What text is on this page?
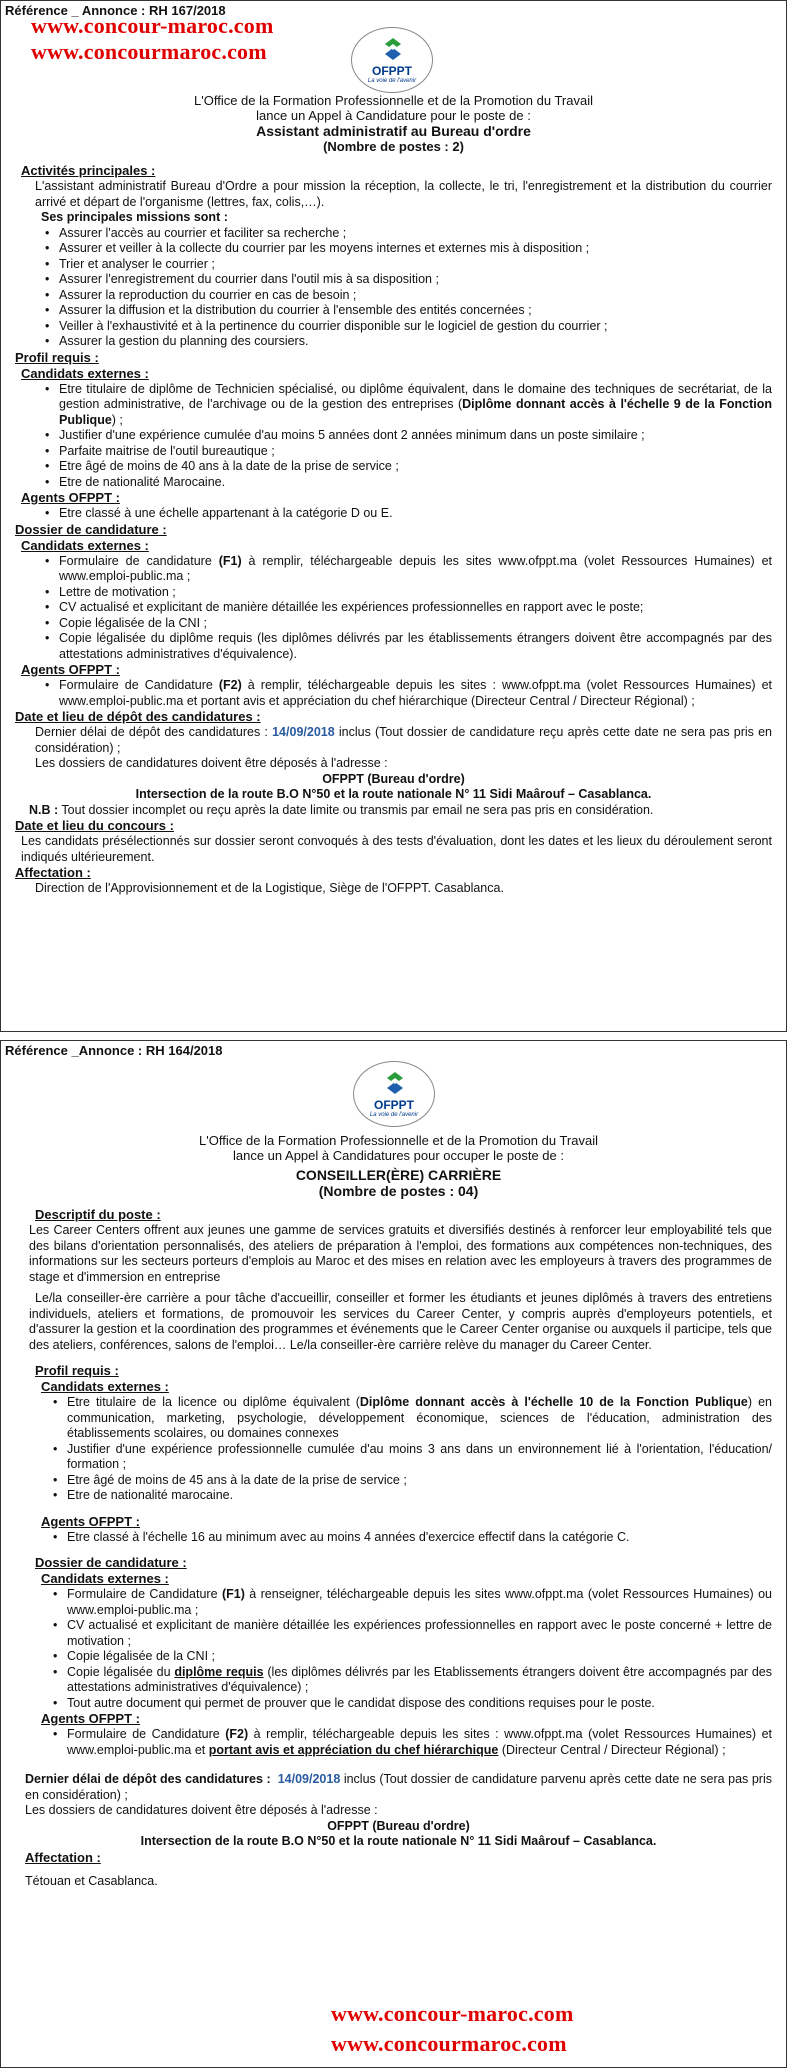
Référence _ Annonce : RH 167/2018
www.concour-maroc.com
www.concourmaroc.com
OFPPT
La voie de l'avenir
L'Office de la Formation Professionnelle et de la Promotion du Travail
lance un Appel à Candidature pour le poste de :
Assistant administratif au Bureau d'ordre
(Nombre de postes : 2)
Activités principales :
L'assistant administratif Bureau d'Ordre a pour mission la réception, la collecte, le tri, l'enregistrement et la distribution du courrier arrivé et départ de l'organisme (lettres, fax, colis,…).
Ses principales missions sont :
• Assurer l'accès au courrier et faciliter sa recherche ;
• Assurer et veiller à la collecte du courrier par les moyens internes et externes mis à disposition ;
• Trier et analyser le courrier ;
• Assurer l'enregistrement du courrier dans l'outil mis à sa disposition ;
• Assurer la reproduction du courrier en cas de besoin ;
• Assurer la diffusion et la distribution du courrier à l'ensemble des entités concernées ;
• Veiller à l'exhaustivité et à la pertinence du courrier disponible sur le logiciel de gestion du courrier ;
• Assurer la gestion du planning des coursiers.
Profil requis :
Candidats externes :
• Etre titulaire de diplôme de Technicien spécialisé, ou diplôme équivalent, dans le domaine des techniques de secrétariat, de la gestion administrative, de l'archivage ou de la gestion des entreprises (Diplôme donnant accès à l'échelle 9 de la Fonction Publique) ;
• Justifier d'une expérience cumulée d'au moins 5 années dont 2 années minimum dans un poste similaire ;
• Parfaite maitrise de l'outil bureautique ;
• Etre âgé de moins de 40 ans à la date de la prise de service ;
• Etre de nationalité Marocaine.
Agents OFPPT :
• Etre classé à une échelle appartenant à la catégorie D ou E.
Dossier de candidature :
Candidats externes :
• Formulaire de candidature (F1) à remplir, téléchargeable depuis les sites www.ofppt.ma (volet Ressources Humaines) et www.emploi-public.ma ;
• Lettre de motivation ;
• CV actualisé et explicitant de manière détaillée les expériences professionnelles en rapport avec le poste;
• Copie légalisée de la CNI ;
• Copie légalisée du diplôme requis (les diplômes délivrés par les établissements étrangers doivent être accompagnés par des attestations administratives d'équivalence).
Agents OFPPT :
• Formulaire de Candidature (F2) à remplir, téléchargeable depuis les sites : www.ofppt.ma (volet Ressources Humaines) et www.emploi-public.ma et portant avis et appréciation du chef hiérarchique (Directeur Central / Directeur Régional) ;
Date et lieu de dépôt des candidatures :
Dernier délai de dépôt des candidatures : 14/09/2018 inclus (Tout dossier de candidature reçu après cette date ne sera pas pris en considération) ;
Les dossiers de candidatures doivent être déposés à l'adresse :
OFPPT (Bureau d'ordre)
Intersection de la route B.O N°50 et la route nationale N° 11 Sidi Maârouf – Casablanca.
N.B : Tout dossier incomplet ou reçu après la date limite ou transmis par email ne sera pas pris en considération.
Date et lieu du concours :
Les candidats présélectionnés sur dossier seront convoqués à des tests d'évaluation, dont les dates et les lieux du déroulement seront indiqués ultérieurement.
Affectation :
Direction de l'Approvisionnement et de la Logistique, Siège de l'OFPPT. Casablanca.
Référence _Annonce : RH 164/2018
OFPPT
La voie de l'avenir
L'Office de la Formation Professionnelle et de la Promotion du Travail
lance un Appel à Candidatures pour occuper le poste de :
CONSEILLER(ÈRE) CARRIÈRE
(Nombre de postes : 04)
Descriptif du poste :
Les Career Centers offrent aux jeunes une gamme de services gratuits et diversifiés destinés à renforcer leur employabilité tels que des bilans d'orientation personnalisés, des ateliers de préparation à l'emploi, des formations aux compétences non-techniques, des informations sur les secteurs porteurs d'emplois au Maroc et des mises en relation avec les employeurs à travers des programmes de stage et d'immersion en entreprise
Le/la conseiller-ère carrière a pour tâche d'accueillir, conseiller et former les étudiants et jeunes diplômés à travers des entretiens individuels, ateliers et formations, de promouvoir les services du Career Center, y compris auprès d'employeurs potentiels, et d'assurer la gestion et la coordination des programmes et événements que le Career Center organise ou auxquels il participe, tels que des ateliers, conférences, salons de l'emploi… Le/la conseiller-ère carrière relève du manager du Career Center.
Profil requis :
Candidats externes :
• Etre titulaire de la licence ou diplôme équivalent (Diplôme donnant accès à l'échelle 10 de la Fonction Publique) en communication, marketing, psychologie, développement économique, sciences de l'éducation, administration des établissements scolaires, ou domaines connexes
• Justifier d'une expérience professionnelle cumulée d'au moins 3 ans dans un environnement lié à l'orientation, l'éducation/ formation ;
• Etre âgé de moins de 45 ans à la date de la prise de service ;
• Etre de nationalité marocaine.
Agents OFPPT :
• Etre classé à l'échelle 16 au minimum avec au moins 4 années d'exercice effectif dans la catégorie C.
Dossier de candidature :
Candidats externes :
• Formulaire de Candidature (F1) à renseigner, téléchargeable depuis les sites www.ofppt.ma (volet Ressources Humaines) ou www.emploi-public.ma ;
• CV actualisé et explicitant de manière détaillée les expériences professionnelles en rapport avec le poste concerné + lettre de motivation ;
• Copie légalisée de la CNI ;
• Copie légalisée du diplôme requis (les diplômes délivrés par les Etablissements étrangers doivent être accompagnés par des attestations administratives d'équivalence) ;
• Tout autre document qui permet de prouver que le candidat dispose des conditions requises pour le poste.
Agents OFPPT :
• Formulaire de Candidature (F2) à remplir, téléchargeable depuis les sites : www.ofppt.ma (volet Ressources Humaines) et www.emploi-public.ma et portant avis et appréciation du chef hiérarchique (Directeur Central / Directeur Régional) ;
Dernier délai de dépôt des candidatures : 14/09/2018 inclus (Tout dossier de candidature parvenu après cette date ne sera pas pris en considération) ;
Les dossiers de candidatures doivent être déposés à l'adresse :
OFPPT (Bureau d'ordre)
Intersection de la route B.O N°50 et la route nationale N° 11 Sidi Maârouf – Casablanca.
Affectation :
Tétouan et Casablanca.
www.concour-maroc.com
www.concourmaroc.com
